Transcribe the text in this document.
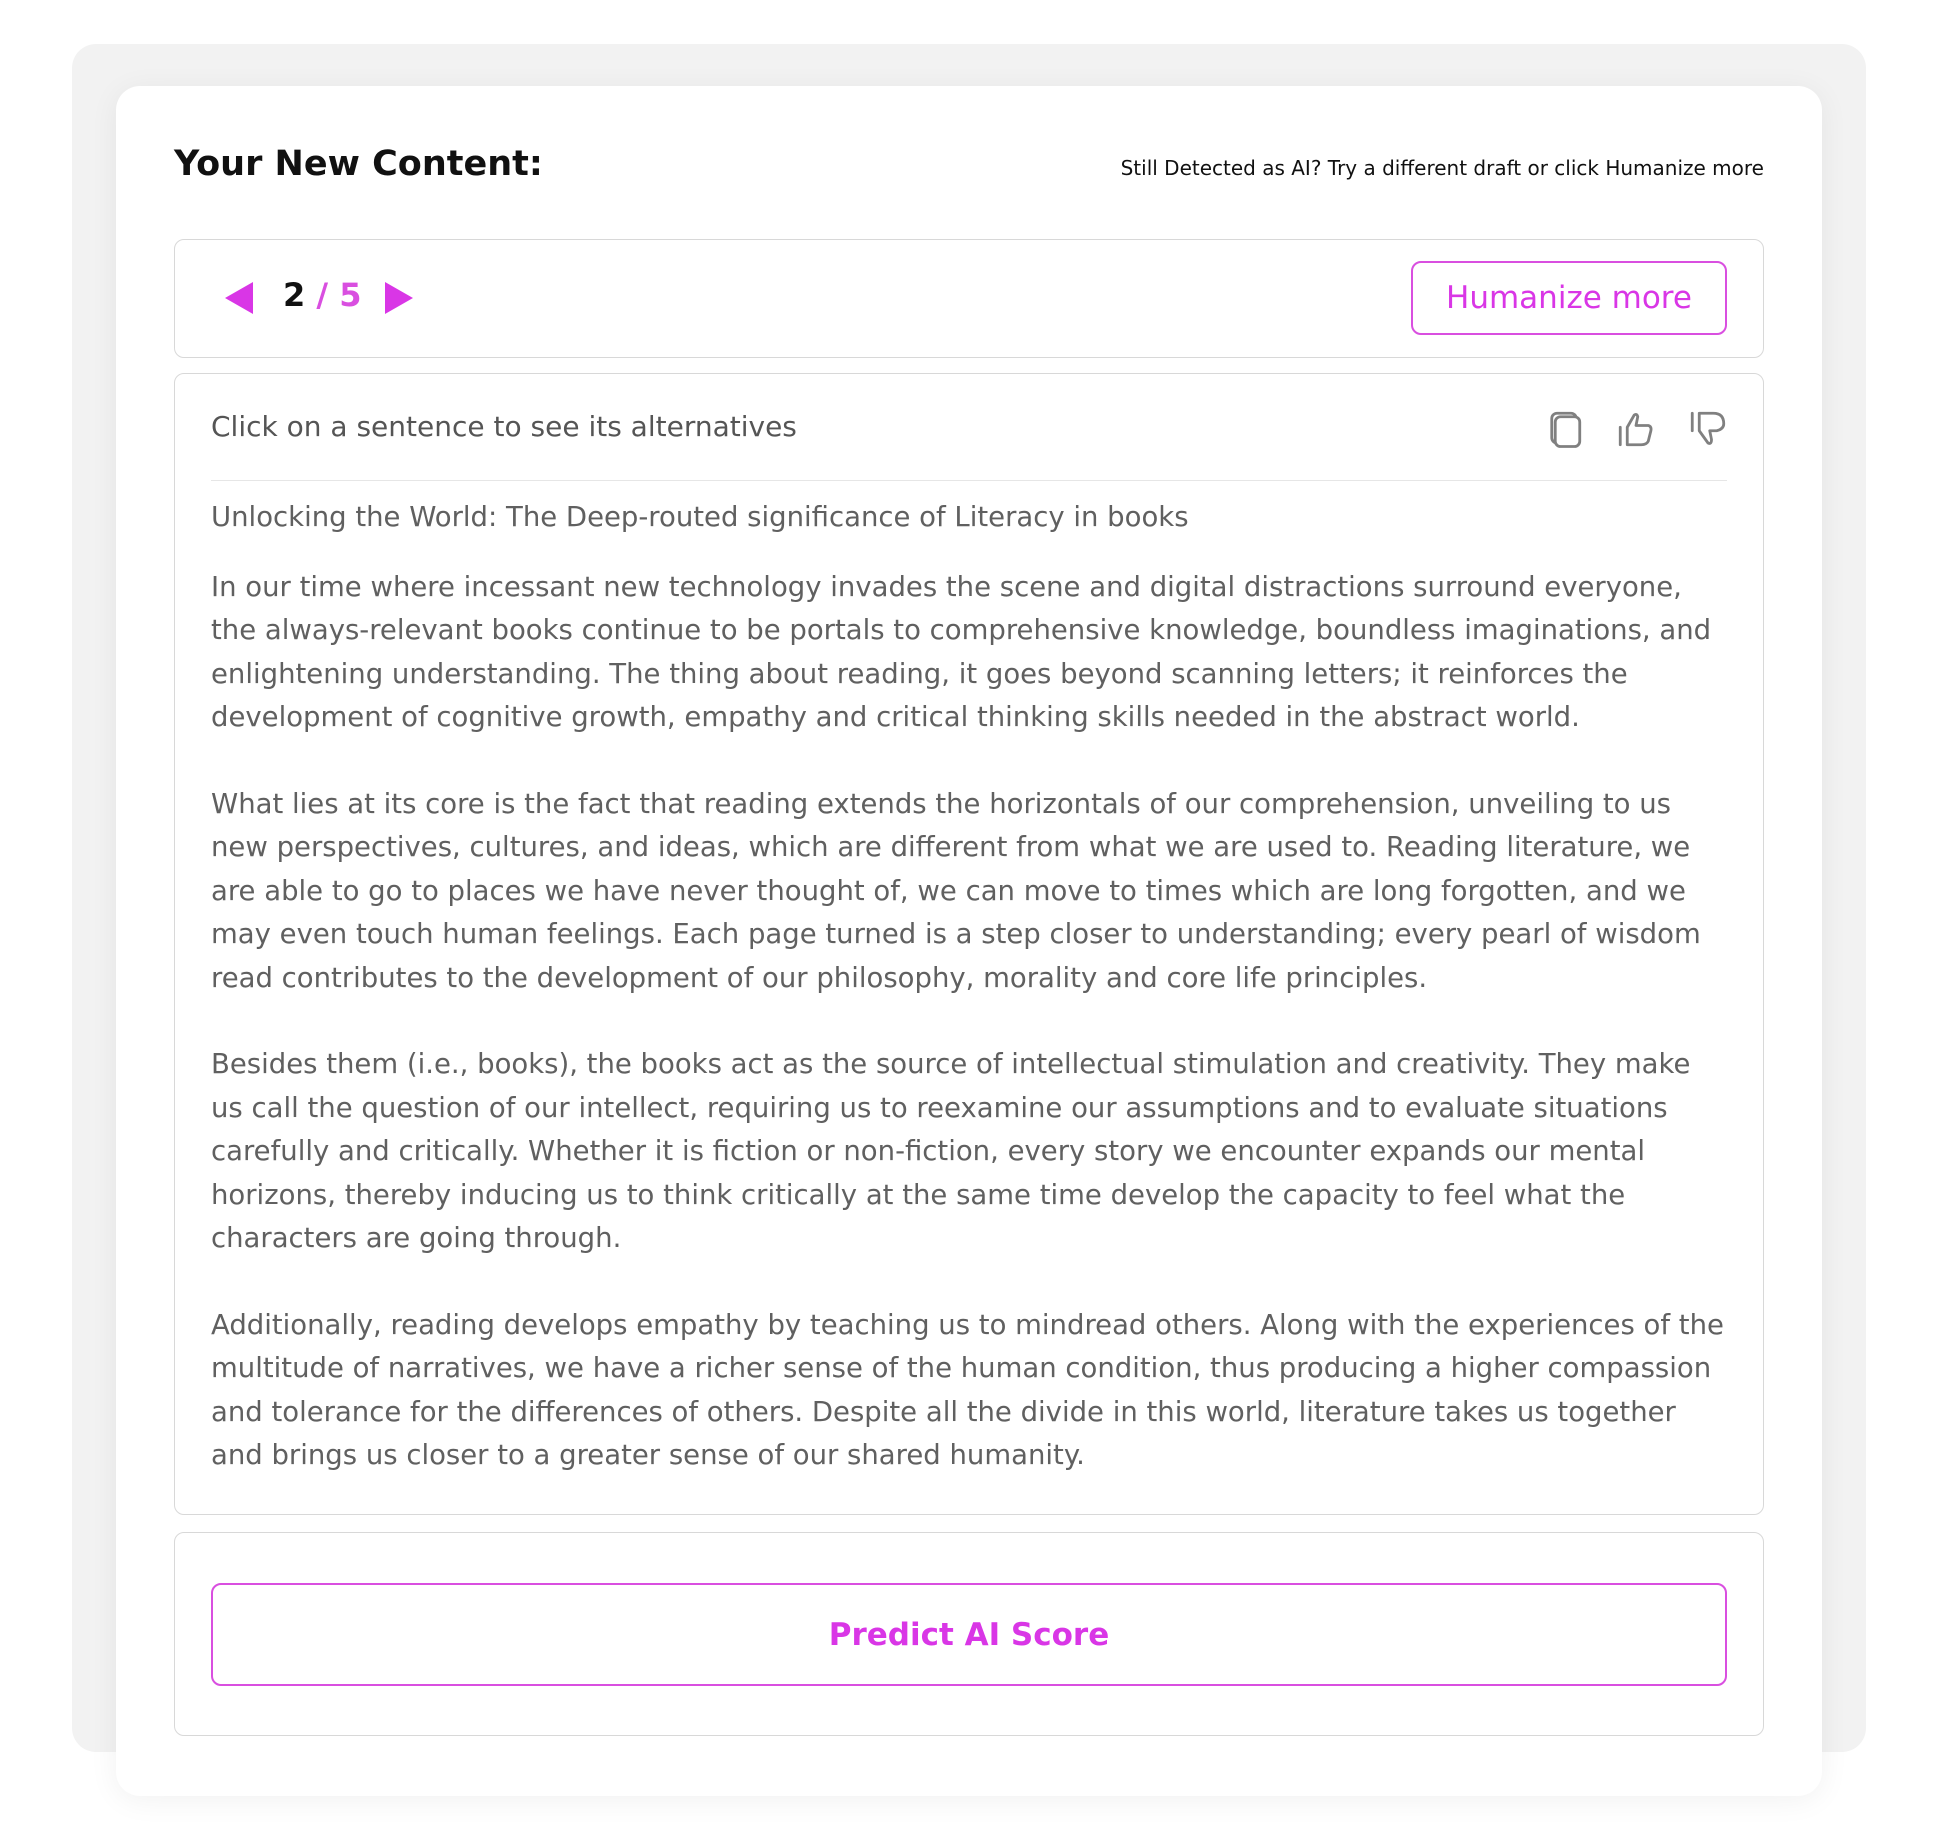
Your New Content:	Still Detected as AI? Try a different draft or click Humanize more
2 / 5	Humanize more
Click on a sentence to see its alternatives

Unlocking the World: The Deep-routed significance of Literacy in books

In our time where incessant new technology invades the scene and digital distractions surround everyone, the always-relevant books continue to be portals to comprehensive knowledge, boundless imaginations, and enlightening understanding. The thing about reading, it goes beyond scanning letters; it reinforces the development of cognitive growth, empathy and critical thinking skills needed in the abstract world.

What lies at its core is the fact that reading extends the horizontals of our comprehension, unveiling to us new perspectives, cultures, and ideas, which are different from what we are used to. Reading literature, we are able to go to places we have never thought of, we can move to times which are long forgotten, and we may even touch human feelings. Each page turned is a step closer to understanding; every pearl of wisdom read contributes to the development of our philosophy, morality and core life principles.

Besides them (i.e., books), the books act as the source of intellectual stimulation and creativity. They make us call the question of our intellect, requiring us to reexamine our assumptions and to evaluate situations carefully and critically. Whether it is fiction or non-fiction, every story we encounter expands our mental horizons, thereby inducing us to think critically at the same time develop the capacity to feel what the characters are going through.

Additionally, reading develops empathy by teaching us to mindread others. Along with the experiences of the multitude of narratives, we have a richer sense of the human condition, thus producing a higher compassion and tolerance for the differences of others. Despite all the divide in this world, literature takes us together and brings us closer to a greater sense of our shared humanity.

Predict AI Score
